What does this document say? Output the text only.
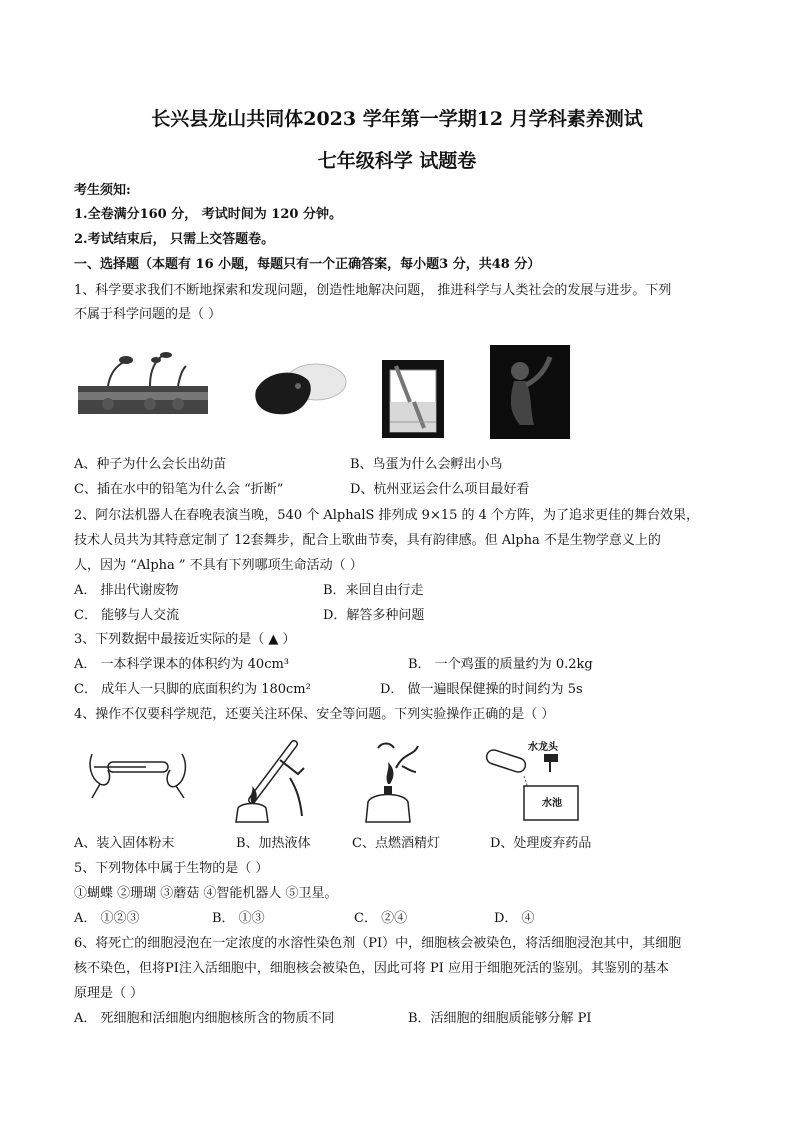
长兴县龙山共同体2023 学年第一学期12 月学科素养测试
七年级科学 试题卷
考生须知:
1.全卷满分160 分， 考试时间为 120 分钟。
2.考试结束后， 只需上交答题卷。
一、选择题（本题有 16 小题，每题只有一个正确答案，每小题3 分，共48 分）
1、科学要求我们不断地探索和发现问题，创造性地解决问题， 推进科学与人类社会的发展与进步。下列
不属于科学问题的是（ ）
A、种子为什么会长出幼苗	B、鸟蛋为什么会孵出小鸟
C、插在水中的铅笔为什么会 “折断”	D、杭州亚运会什么项目最好看
2、阿尔法机器人在春晚表演当晚，540 个 AlphalS 排列成 9×15 的 4 个方阵，为了追求更佳的舞台效果，
技术人员共为其特意定制了 12套舞步，配合上歌曲节奏，具有韵律感。但 Alpha 不是生物学意义上的
人，因为 “Alpha ” 不具有下列哪项生命活动（ ）
A． 排出代谢废物	B．来回自由行走
C． 能够与人交流	D．解答多种问题
3、下列数据中最接近实际的是（ ▲ ）
A． 一本科学课本的体积约为 40cm³	B． 一个鸡蛋的质量约为 0.2kg
C． 成年人一只脚的底面积约为 180cm²	D． 做一遍眼保健操的时间约为 5s
4、操作不仅要科学规范，还要关注环保、安全等问题。下列实验操作正确的是（ ）
水龙头
水池
A、装入固体粉末	B、加热液体	C、点燃酒精灯	D、处理废弃药品
5、下列物体中属于生物的是（ ）
①蝴蝶 ②珊瑚 ③蘑菇 ④智能机器人 ⑤卫星。
A． ①②③	B． ①③	C． ②④	D． ④
6、将死亡的细胞浸泡在一定浓度的水溶性染色剂（PI）中，细胞核会被染色，将活细胞浸泡其中，其细胞
核不染色，但将PI注入活细胞中，细胞核会被染色，因此可将 PI 应用于细胞死活的鉴别。其鉴别的基本
原理是（ ）
A． 死细胞和活细胞内细胞核所含的物质不同	B．活细胞的细胞质能够分解 PI
